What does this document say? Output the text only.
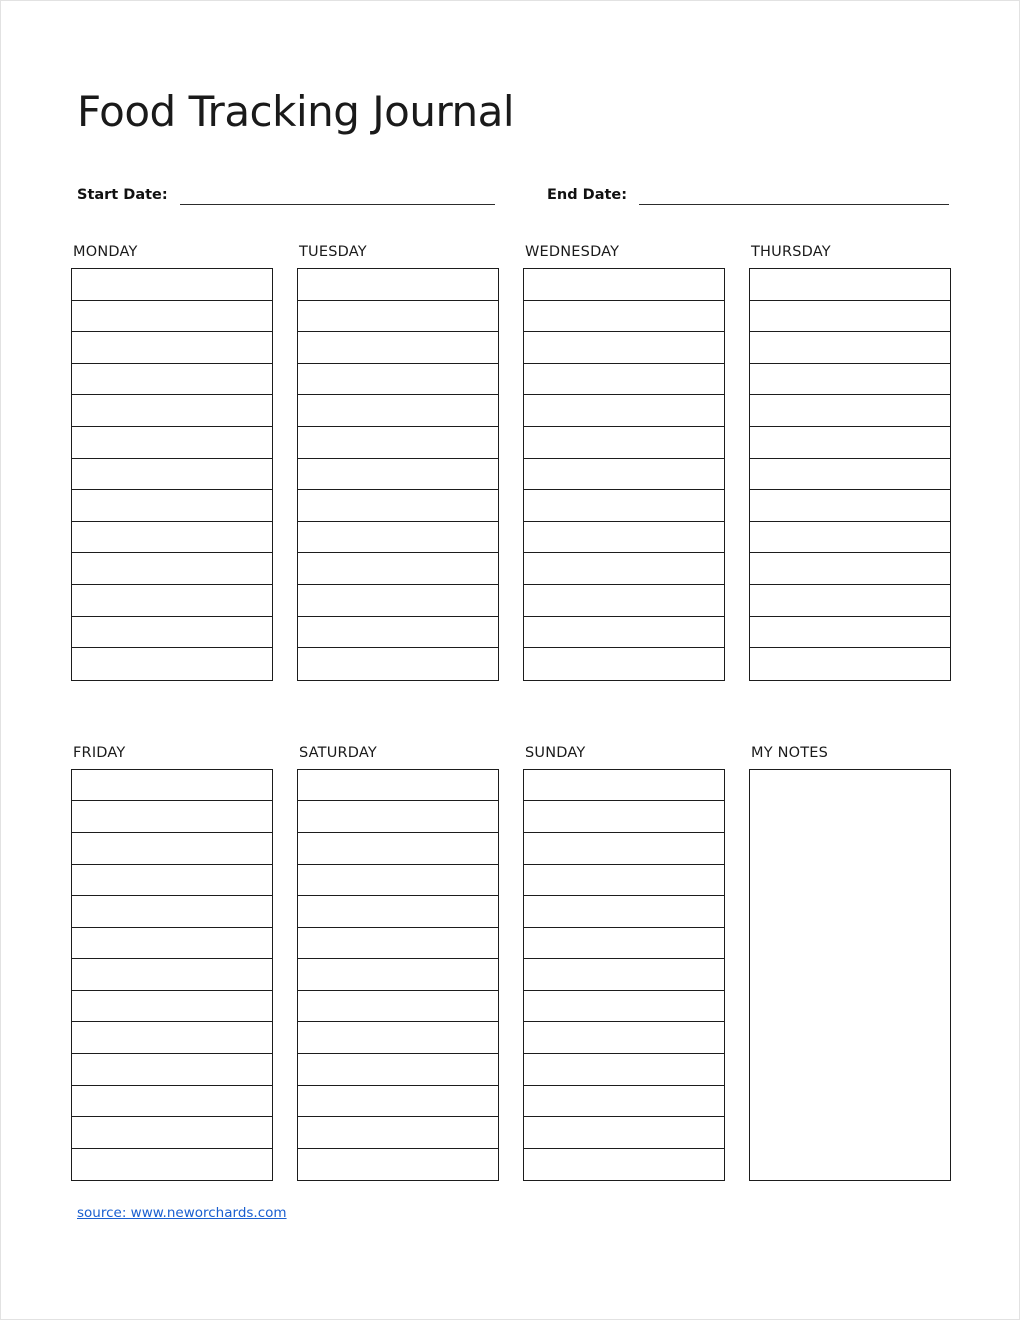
Food Tracking Journal
Start Date:	End Date:
MONDAY	TUESDAY	WEDNESDAY	THURSDAY
FRIDAY	SATURDAY	SUNDAY	MY NOTES
source: www.neworchards.com
